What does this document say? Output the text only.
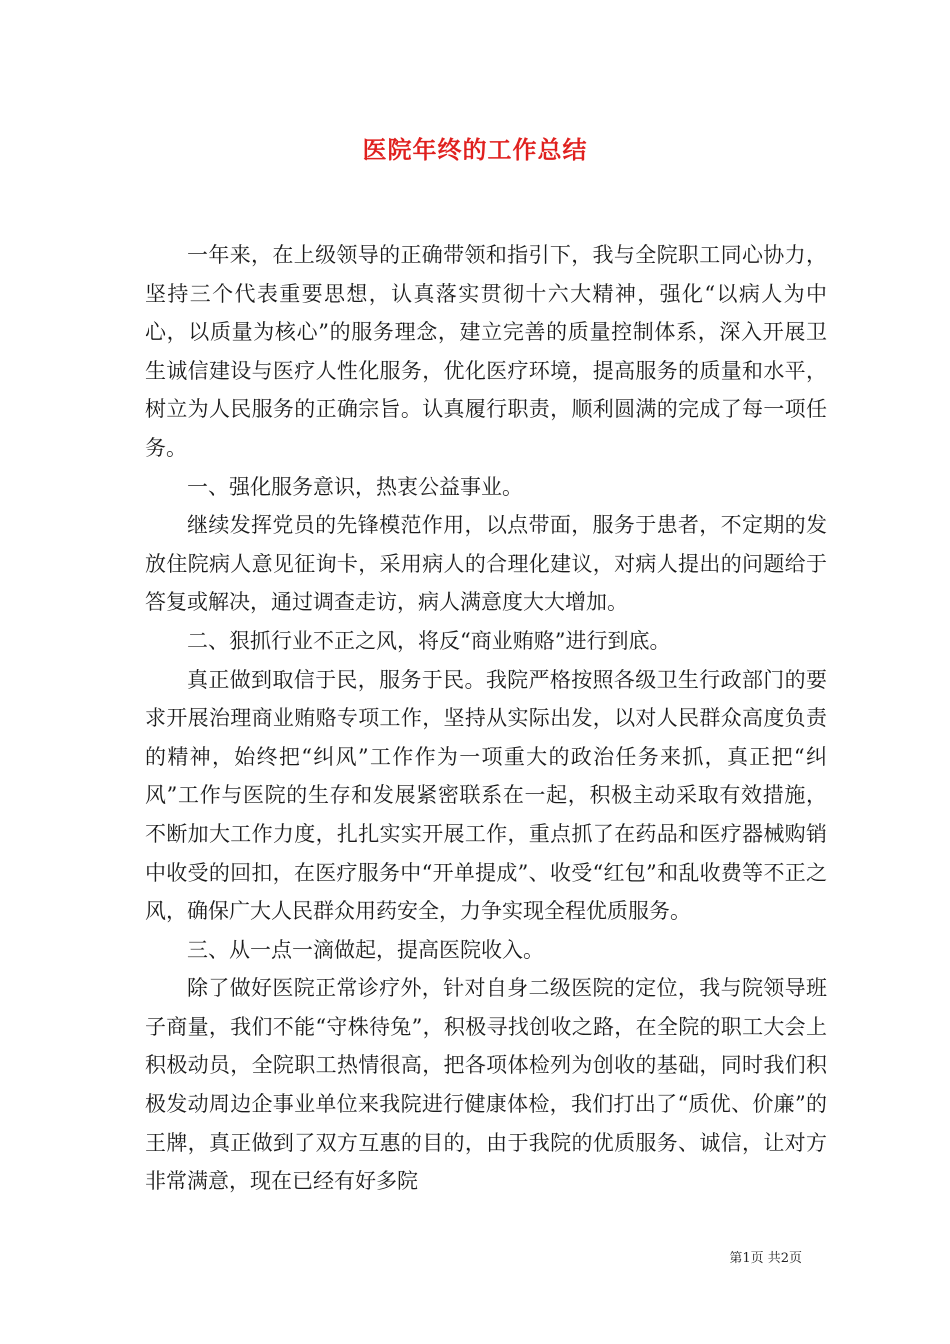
医院年终的工作总结

一年来，在上级领导的正确带领和指引下，我与全院职工同心协力，坚持三个代表重要思想，认真落实贯彻十六大精神，强化“以病人为中心，以质量为核心”的服务理念，建立完善的质量控制体系，深入开展卫生诚信建设与医疗人性化服务，优化医疗环境，提高服务的质量和水平，树立为人民服务的正确宗旨。认真履行职责，顺利圆满的完成了每一项任务。

一、强化服务意识，热衷公益事业。

继续发挥党员的先锋模范作用，以点带面，服务于患者，不定期的发放住院病人意见征询卡，采用病人的合理化建议，对病人提出的问题给于答复或解决，通过调查走访，病人满意度大大增加。

二、狠抓行业不正之风，将反“商业贿赂”进行到底。

真正做到取信于民，服务于民。我院严格按照各级卫生行政部门的要求开展治理商业贿赂专项工作，坚持从实际出发，以对人民群众高度负责的精神，始终把“纠风”工作作为一项重大的政治任务来抓，真正把“纠风”工作与医院的生存和发展紧密联系在一起，积极主动采取有效措施，不断加大工作力度，扎扎实实开展工作，重点抓了在药品和医疗器械购销中收受的回扣，在医疗服务中“开单提成”、收受“红包”和乱收费等不正之风，确保广大人民群众用药安全，力争实现全程优质服务。

三、从一点一滴做起，提高医院收入。

除了做好医院正常诊疗外，针对自身二级医院的定位，我与院领导班子商量，我们不能“守株待兔”，积极寻找创收之路，在全院的职工大会上积极动员，全院职工热情很高，把各项体检列为创收的基础，同时我们积极发动周边企事业单位来我院进行健康体检，我们打出了“质优、价廉”的王牌，真正做到了双方互惠的目的，由于我院的优质服务、诚信，让对方非常满意，现在已经有好多院

第1页 共2页
